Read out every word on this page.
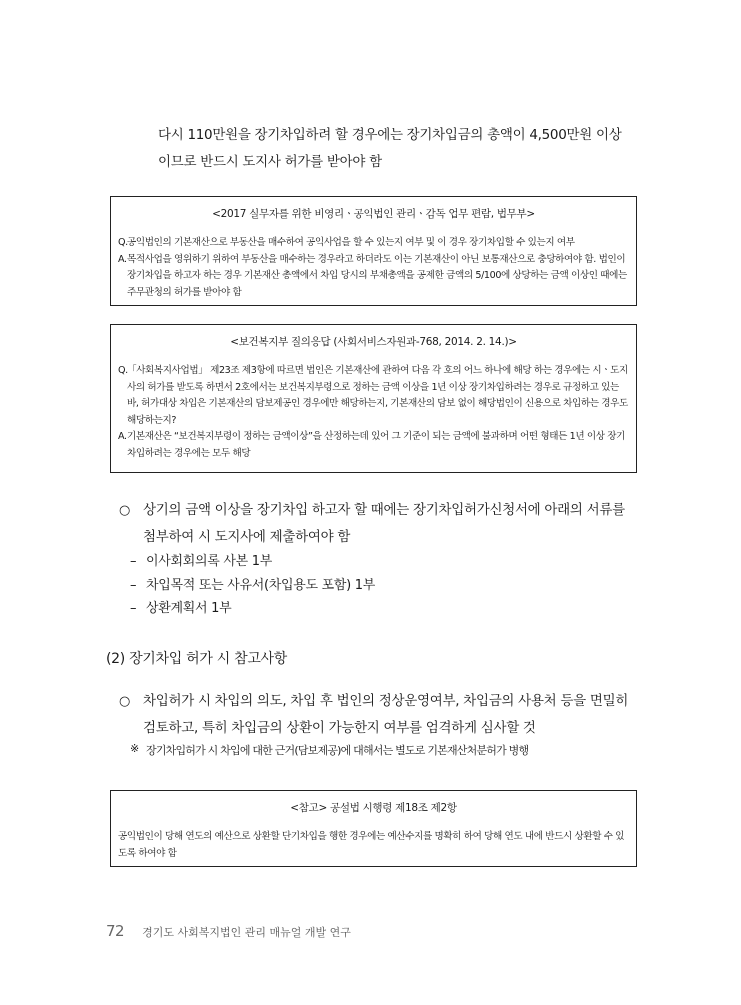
다시 110만원을 장기차입하려 할 경우에는 장기차입금의 총액이 4,500만원 이상
이므로 반드시 도지사 허가를 받아야 함
<2017 실무자를 위한 비영리ㆍ공익법인 관리ㆍ감독 업무 편람, 법무부>
Q. 공익법인의 기본재산으로 부동산을 매수하여 공익사업을 할 수 있는지 여부 및 이 경우 장기차입할 수 있는지 여부
A. 목적사업을 영위하기 위하여 부동산을 매수하는 경우라고 하더라도 이는 기본재산이 아닌 보통재산으로 충당하여야 함. 법인이 장기차입을 하고자 하는 경우 기본재산 총액에서 차입 당시의 부채총액을 공제한 금액의 5/100에 상당하는 금액 이상인 때에는 주무관청의 허가를 받아야 함
<보건복지부 질의응답 (사회서비스자원과-768, 2014. 2. 14.)>
Q. 「사회복지사업법」 제23조 제3항에 따르면 법인은 기본재산에 관하여 다음 각 호의 어느 하나에 해당 하는 경우에는 시ㆍ도지사의 허가를 받도록 하면서 2호에서는 보건복지부령으로 정하는 금액 이상을 1년 이상 장기차입하려는 경우로 규정하고 있는 바, 허가대상 차입은 기본재산의 담보제공인 경우에만 해당하는지, 기본재산의 담보 없이 해당법인이 신용으로 차입하는 경우도 해당하는지?
A. 기본재산은 “보건복지부령이 정하는 금액이상”을 산정하는데 있어 그 기준이 되는 금액에 불과하며 어떤 형태든 1년 이상 장기차입하려는 경우에는 모두 해당
○ 상기의 금액 이상을 장기차입 하고자 할 때에는 장기차입허가신청서에 아래의 서류를 첨부하여 시 도지사에 제출하여야 함
– 이사회회의록 사본 1부
– 차입목적 또는 사유서(차입용도 포함) 1부
– 상환계획서 1부
(2) 장기차입 허가 시 참고사항
○ 차입허가 시 차입의 의도, 차입 후 법인의 정상운영여부, 차입금의 사용처 등을 면밀히 검토하고, 특히 차입금의 상환이 가능한지 여부를 엄격하게 심사할 것
※ 장기차입허가 시 차입에 대한 근거(담보제공)에 대해서는 별도로 기본재산처분허가 병행
<참고> 공설법 시행령 제18조 제2항
공익법인이 당해 연도의 예산으로 상환할 단기차입을 행한 경우에는 예산수지를 명확히 하여 당해 연도 내에 반드시 상환할 수 있도록 하여야 함
72 경기도 사회복지법인 관리 매뉴얼 개발 연구
